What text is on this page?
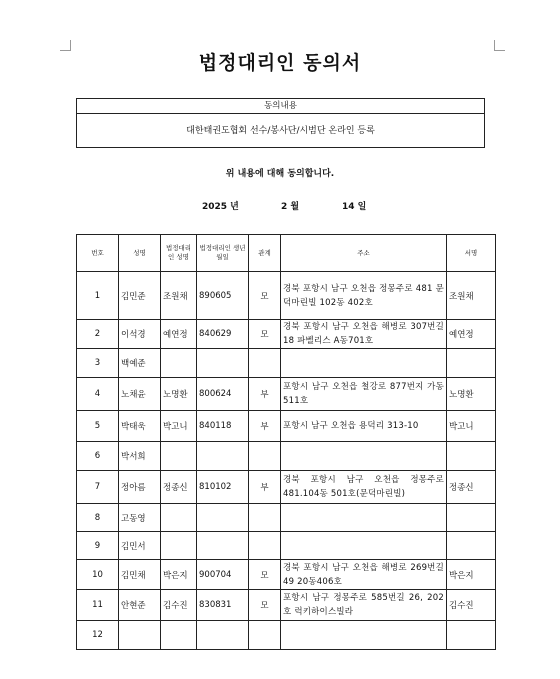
법정대리인 동의서
동의내용
대한태권도협회 선수/봉사단/시범단 온라인 등록
위 내용에 대해 동의합니다.
2025 년	2 월	14 일
번호	성명	법정대리 인 성명	법정대리인 생년월일	관계	주소	서명
1	김민준	조원채	890605	모	경북 포항시 남구 오천읍 정몽주로 481 문덕마린빌 102동 402호	조원채
2	이석경	예연정	840629	모	경북 포항시 남구 오천읍 해병로 307번길18 파벨리스 A동701호	예연정
3	백예준					
4	노채윤	노명환	800624	부	포항시 남구 오천읍 철강로 877번지 가동 511호	노명환
5	박태욱	박고니	840118	부	포항시 남구 오천읍 용덕리 313-10	박고니
6	박서희					
7	정아름	정종신	810102	부	경북 포항시 남구 오천읍 정몽주로 481.104동 501호(문덕마린빌)	정종신
8	고동영					
9	김민서					
10	김민채	박은지	900704	모	경북 포항시 남구 오천읍 해병로 269번길 49 20동406호	박은지
11	안현준	김수진	830831	모	포항시 남구 정몽주로 585번길 26, 202호 럭키하이스빌라	김수진
12						
